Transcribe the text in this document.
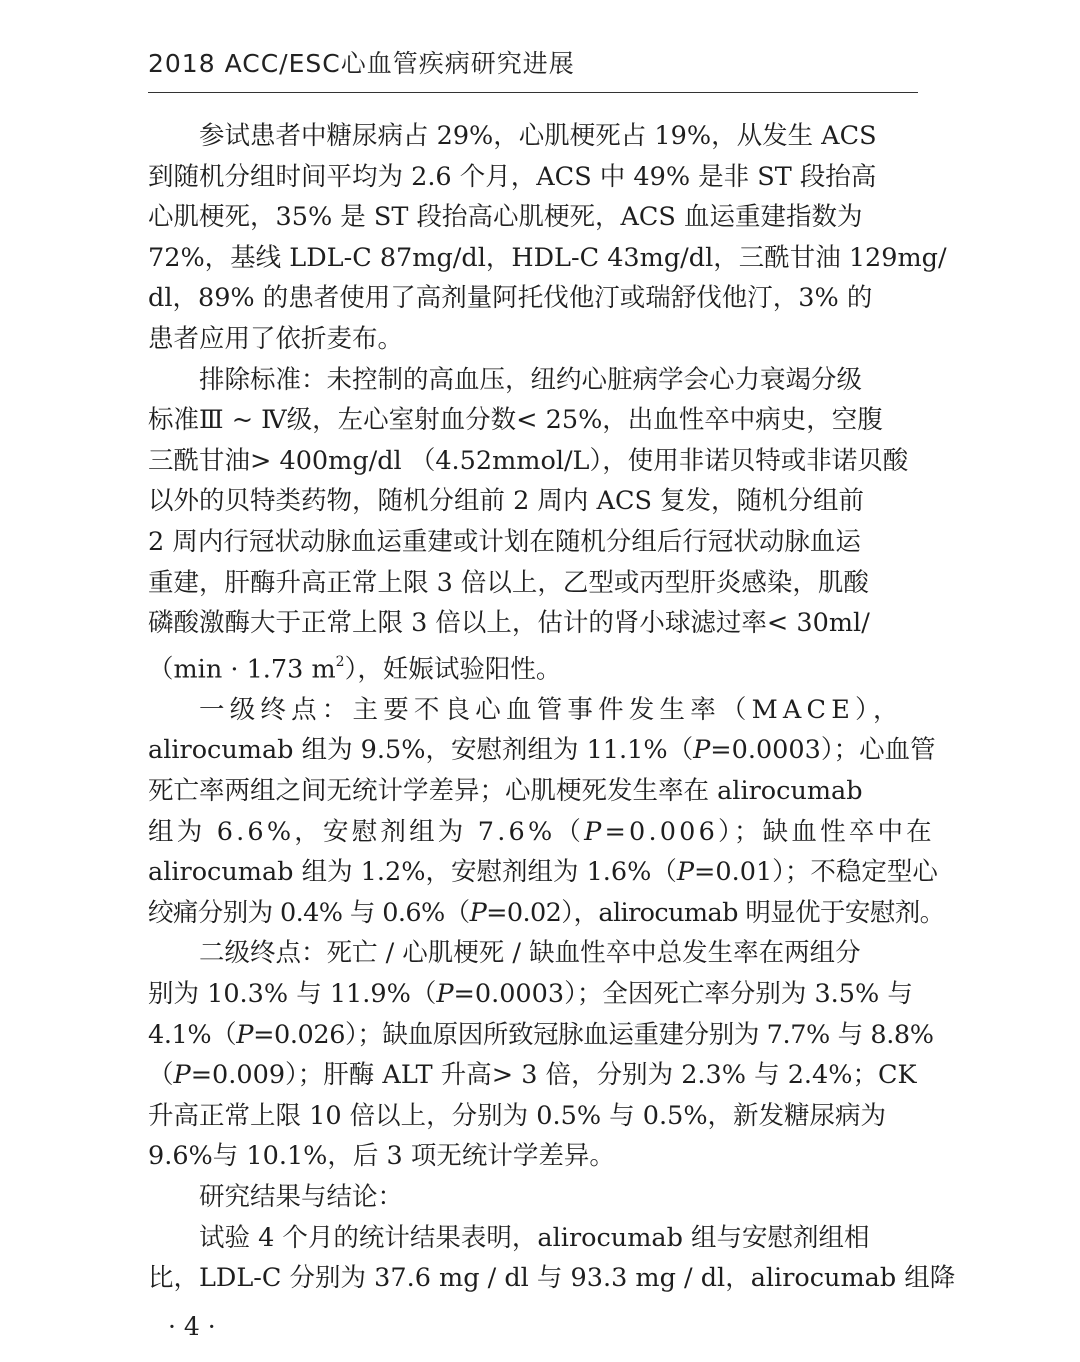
2018 ACC/ESC心血管疾病研究进展
参试患者中糖尿病占 29%，心肌梗死占 19%，从发生 ACS
到随机分组时间平均为 2.6 个月，ACS 中 49% 是非 ST 段抬高
心肌梗死，35% 是 ST 段抬高心肌梗死，ACS 血运重建指数为
72%，基线 LDL-C 87mg/dl，HDL-C 43mg/dl，三酰甘油 129mg/
dl，89% 的患者使用了高剂量阿托伐他汀或瑞舒伐他汀，3% 的
患者应用了依折麦布。
排除标准：未控制的高血压，纽约心脏病学会心力衰竭分级
标准Ⅲ ~ Ⅳ级，左心室射血分数< 25%，出血性卒中病史，空腹
三酰甘油> 400mg/dl （4.52mmol/L），使用非诺贝特或非诺贝酸
以外的贝特类药物，随机分组前 2 周内 ACS 复发，随机分组前
2 周内行冠状动脉血运重建或计划在随机分组后行冠状动脉血运
重建，肝酶升高正常上限 3 倍以上，乙型或丙型肝炎感染，肌酸
磷酸激酶大于正常上限 3 倍以上，估计的肾小球滤过率< 30ml/
（min · 1.73 $m^2$），妊娠试验阳性。
一级终点：主要不良心血管事件发生率（MACE），
alirocumab 组为 9.5%，安慰剂组为 11.1%（P=0.0003）；心血管
死亡率两组之间无统计学差异；心肌梗死发生率在 alirocumab
组为 6.6%，安慰剂组为 7.6%（P=0.006）；缺血性卒中在
alirocumab 组为 1.2%，安慰剂组为 1.6%（P=0.01）；不稳定型心
绞痛分别为 0.4% 与 0.6%（P=0.02），alirocumab 明显优于安慰剂。
二级终点：死亡 / 心肌梗死 / 缺血性卒中总发生率在两组分
别为 10.3% 与 11.9%（P=0.0003）；全因死亡率分别为 3.5% 与
4.1%（P=0.026）；缺血原因所致冠脉血运重建分别为 7.7% 与 8.8%
（P=0.009）；肝酶 ALT 升高> 3 倍，分别为 2.3% 与 2.4%；CK
升高正常上限 10 倍以上，分别为 0.5% 与 0.5%，新发糖尿病为
9.6%与 10.1%，后 3 项无统计学差异。
研究结果与结论：
试验 4 个月的统计结果表明，alirocumab 组与安慰剂组相
比，LDL-C 分别为 37.6 mg / dl 与 93.3 mg / dl，alirocumab 组降
· 4 ·
